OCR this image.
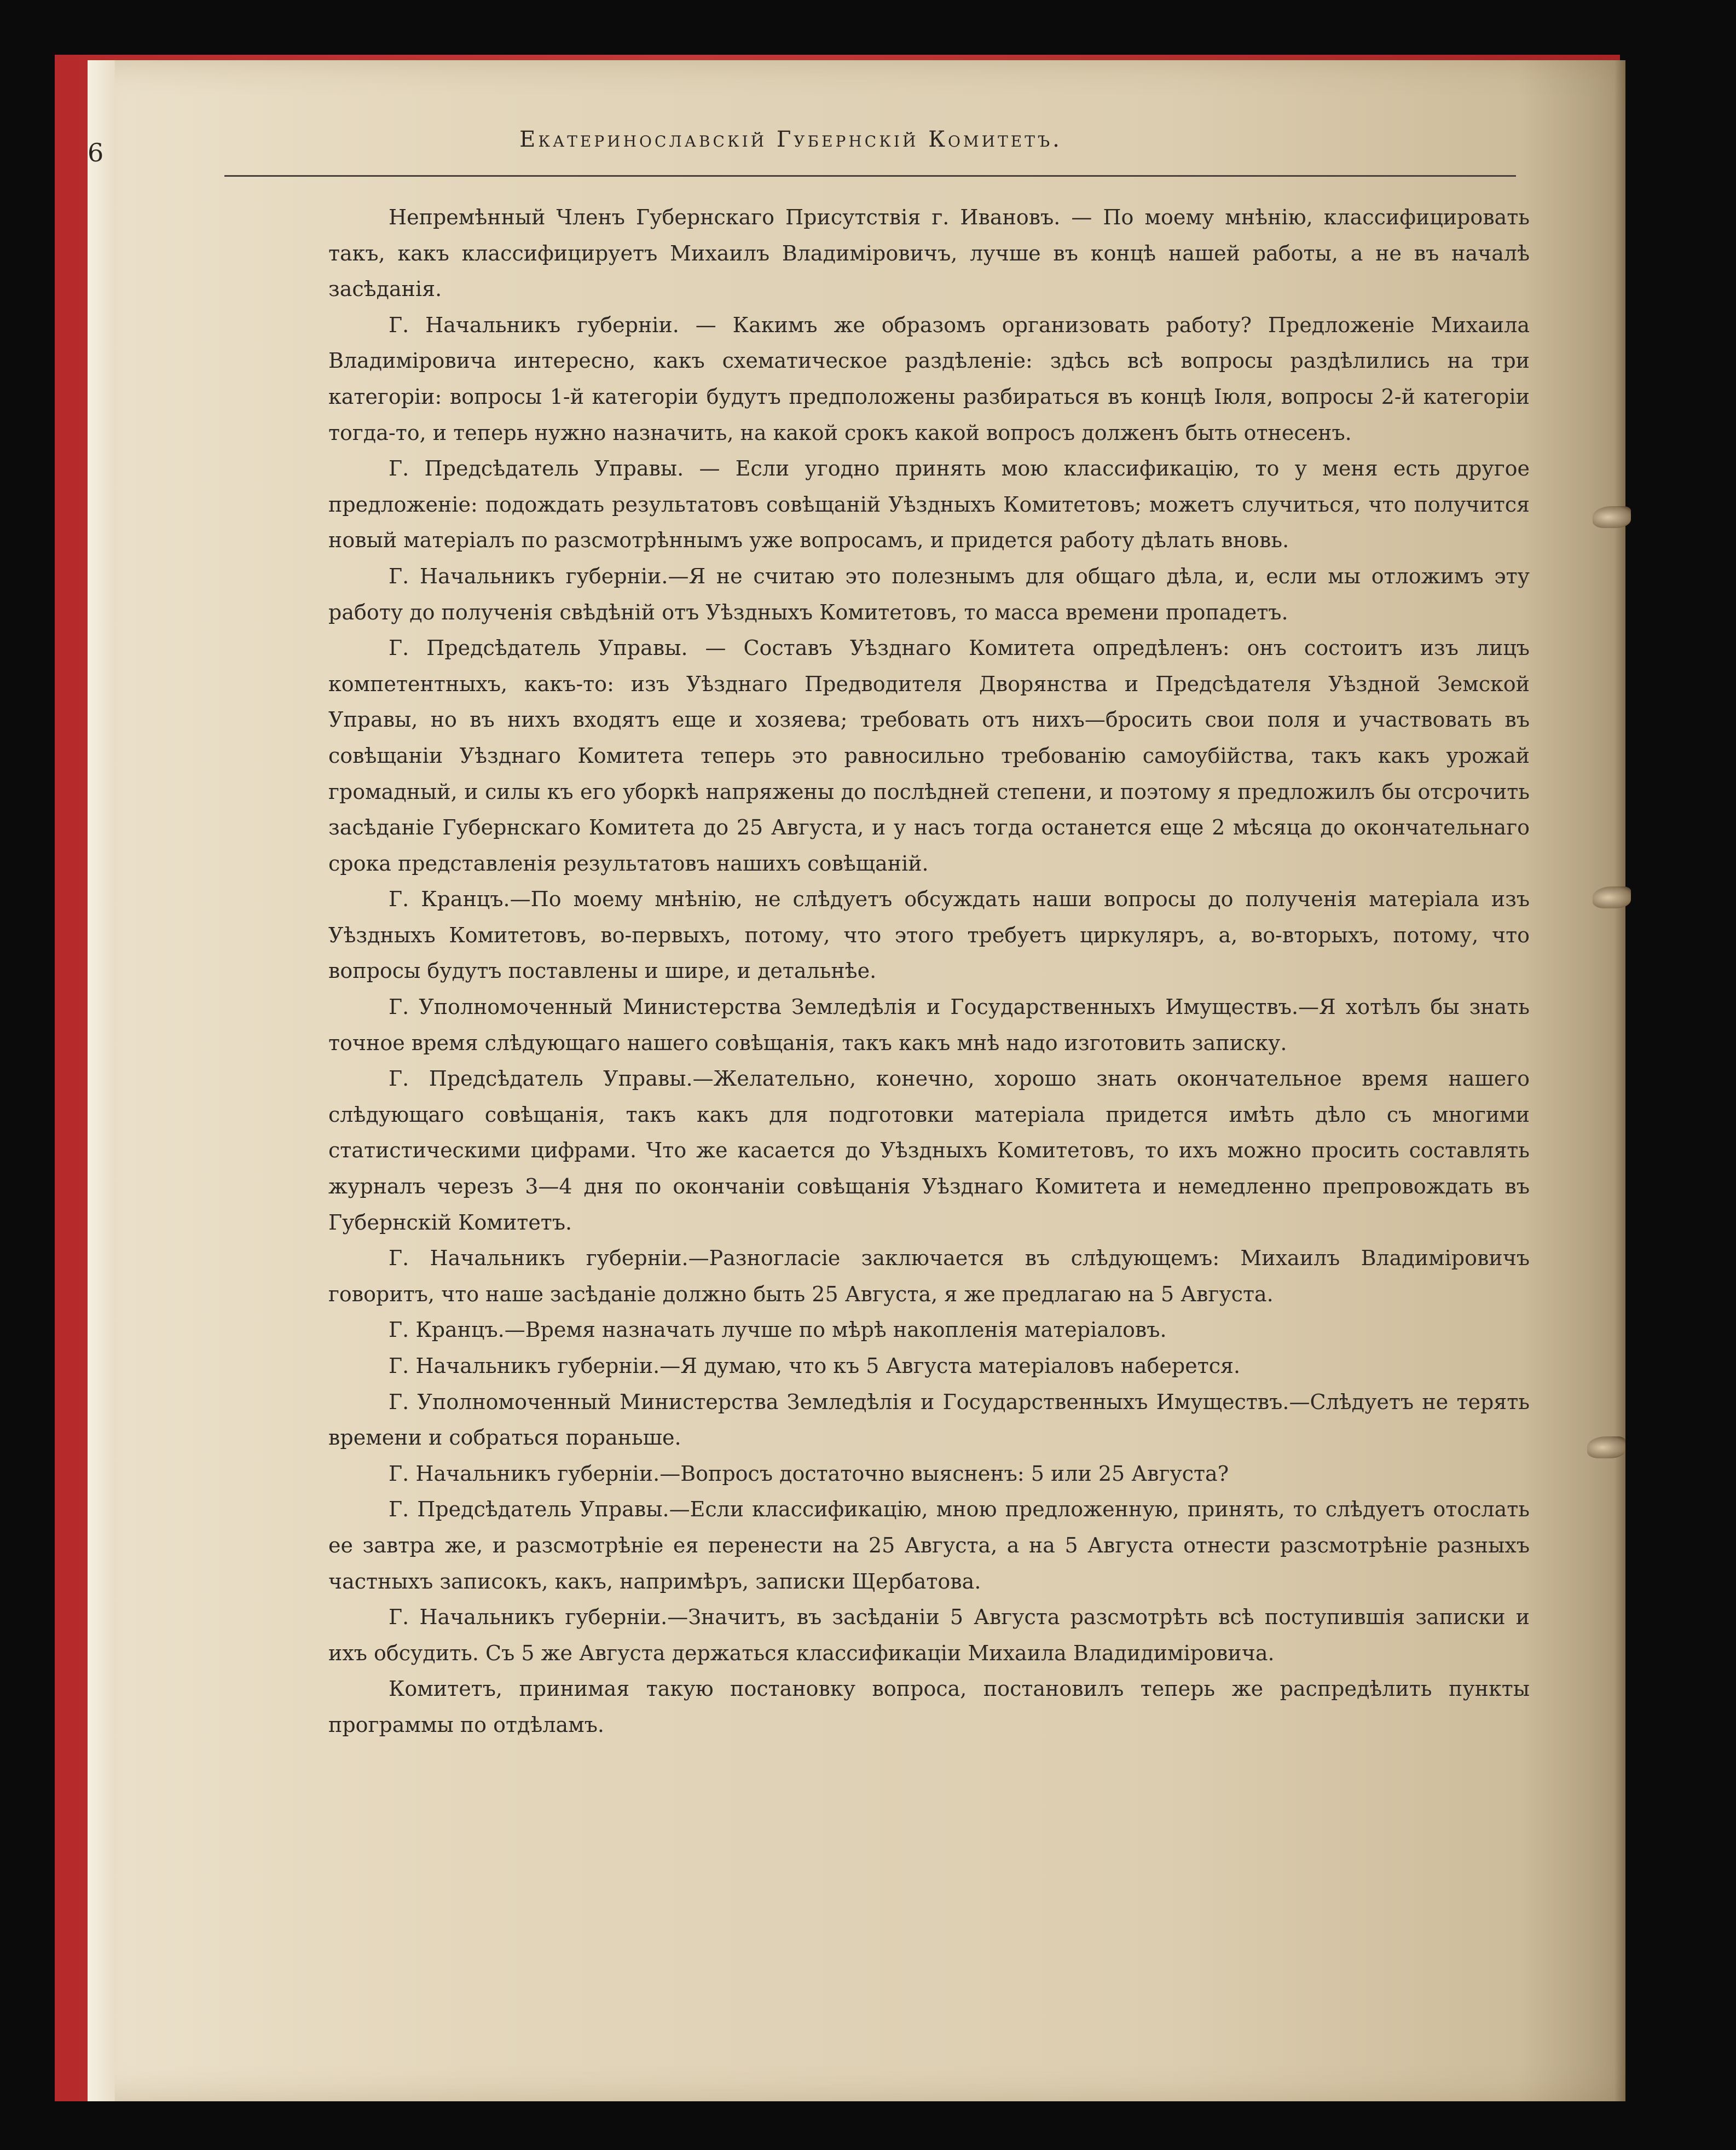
6	Екатеринославскій Губернскій Комитетъ.

Непремѣнный Членъ Губернскаго Присутствія г. Ивановъ. — По моему мнѣнію, классифицировать такъ, какъ классифицируетъ Михаилъ Владиміровичъ, лучше въ концѣ нашей работы, а не въ началѣ засѣданія.

Г. Начальникъ губерніи. — Какимъ же образомъ организовать работу? Предложеніе Михаила Владиміровича интересно, какъ схематическое раздѣленіе: здѣсь всѣ вопросы раздѣлились на три категоріи: вопросы 1-й категоріи будутъ предположены разбираться въ концѣ Іюля, вопросы 2-й категоріи тогда-то, и теперь нужно назначить, на какой срокъ какой вопросъ долженъ быть отнесенъ.

Г. Предсѣдатель Управы. — Если угодно принять мою классификацію, то у меня есть другое предложеніе: подождать результатовъ совѣщаній Уѣздныхъ Комитетовъ; можетъ случиться, что получится новый матеріалъ по разсмотрѣннымъ уже вопросамъ, и придется работу дѣлать вновь.

Г. Начальникъ губерніи.—Я не считаю это полезнымъ для общаго дѣла, и, если мы отложимъ эту работу до полученія свѣдѣній отъ Уѣздныхъ Комитетовъ, то масса времени пропадетъ.

Г. Предсѣдатель Управы. — Составъ Уѣзднаго Комитета опредѣленъ: онъ состоитъ изъ лицъ компетентныхъ, какъ-то: изъ Уѣзднаго Предводителя Дворянства и Предсѣдателя Уѣздной Земской Управы, но въ нихъ входятъ еще и хозяева; требовать отъ нихъ—бросить свои поля и участвовать въ совѣщаніи Уѣзднаго Комитета теперь это равносильно требованію самоубійства, такъ какъ урожай громадный, и силы къ его уборкѣ напряжены до послѣдней степени, и поэтому я предложилъ бы отсрочить засѣданіе Губернскаго Комитета до 25 Августа, и у насъ тогда останется еще 2 мѣсяца до окончательнаго срока представленія результатовъ нашихъ совѣщаній.

Г. Кранцъ.—По моему мнѣнію, не слѣдуетъ обсуждать наши вопросы до полученія матеріала изъ Уѣздныхъ Комитетовъ, во-первыхъ, потому, что этого требуетъ циркуляръ, а, во-вторыхъ, потому, что вопросы будутъ поставлены и шире, и детальнѣе.

Г. Уполномоченный Министерства Земледѣлія и Государственныхъ Имуществъ.—Я хотѣлъ бы знать точное время слѣдующаго нашего совѣщанія, такъ какъ мнѣ надо изготовить записку.

Г. Предсѣдатель Управы.—Желательно, конечно, хорошо знать окончательное время нашего слѣдующаго совѣщанія, такъ какъ для подготовки матеріала придется имѣть дѣло съ многими статистическими цифрами. Что же касается до Уѣздныхъ Комитетовъ, то ихъ можно просить составлять журналъ черезъ 3—4 дня по окончаніи совѣщанія Уѣзднаго Комитета и немедленно препровождать въ Губернскій Комитетъ.

Г. Начальникъ губерніи.—Разногласіе заключается въ слѣдующемъ: Михаилъ Владиміровичъ говоритъ, что наше засѣданіе должно быть 25 Августа, я же предлагаю на 5 Августа.

Г. Кранцъ.—Время назначать лучше по мѣрѣ накопленія матеріаловъ.

Г. Начальникъ губерніи.—Я думаю, что къ 5 Августа матеріаловъ наберется.

Г. Уполномоченный Министерства Земледѣлія и Государственныхъ Имуществъ.—Слѣдуетъ не терять времени и собраться пораньше.

Г. Начальникъ губерніи.—Вопросъ достаточно выясненъ: 5 или 25 Августа?

Г. Предсѣдатель Управы.—Если классификацію, мною предложенную, принять, то слѣдуетъ отослать ее завтра же, и разсмотрѣніе ея перенести на 25 Августа, а на 5 Августа отнести разсмотрѣніе разныхъ частныхъ записокъ, какъ, напримѣръ, записки Щербатова.

Г. Начальникъ губерніи.—Значитъ, въ засѣданіи 5 Августа разсмотрѣть всѣ поступившія записки и ихъ обсудить. Съ 5 же Августа держаться классификаціи Михаила Владидиміровича.

Комитетъ, принимая такую постановку вопроса, постановилъ теперь же распредѣлить пункты программы по отдѣламъ.
